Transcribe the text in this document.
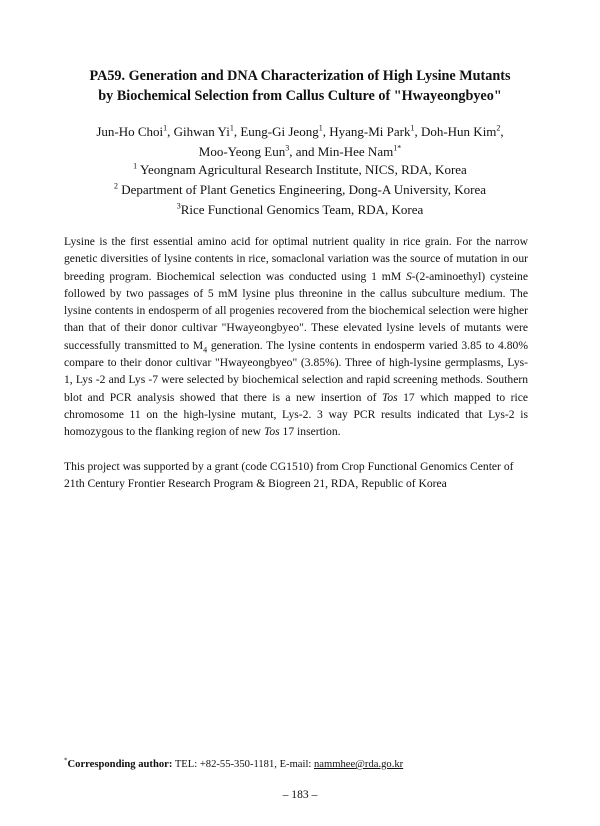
PA59. Generation and DNA Characterization of High Lysine Mutants
by Biochemical Selection from Callus Culture of "Hwayeongbyeo"
Jun-Ho Choi$^1$, Gihwan Yi$^1$, Eung-Gi Jeong$^1$, Hyang-Mi Park$^1$, Doh-Hun Kim$^2$,
Moo-Yeong Eun$^3$, and Min-Hee Nam$^{1*}$
$^1$ Yeongnam Agricultural Research Institute, NICS, RDA, Korea
$^2$ Department of Plant Genetics Engineering, Dong-A University, Korea
$^3$Rice Functional Genomics Team, RDA, Korea

Lysine is the first essential amino acid for optimal nutrient quality in rice grain. For the narrow genetic diversities of lysine contents in rice, somaclonal variation was the source of mutation in our breeding program. Biochemical selection was conducted using 1 mM S-(2-aminoethyl) cysteine followed by two passages of 5 mM lysine plus threonine in the callus subculture medium. The lysine contents in endosperm of all progenies recovered from the biochemical selection were higher than that of their donor cultivar "Hwayeongbyeo". These elevated lysine levels of mutants were successfully transmitted to $M_4$ generation. The lysine contents in endosperm varied 3.85 to 4.80% compare to their donor cultivar "Hwayeongbyeo" (3.85%). Three of high-lysine germplasms, Lys-1, Lys -2 and Lys -7 were selected by biochemical selection and rapid screening methods. Southern blot and PCR analysis showed that there is a new insertion of Tos 17 which mapped to rice chromosome 11 on the high-lysine mutant, Lys-2. 3 way PCR results indicated that Lys-2 is homozygous to the flanking region of new Tos 17 insertion.

This project was supported by a grant (code CG1510) from Crop Functional Genomics Center of 21th Century Frontier Research Program & Biogreen 21, RDA, Republic of Korea

*Corresponding author: TEL: +82-55-350-1181, E-mail: nammhee@rda.go.kr
– 183 –
